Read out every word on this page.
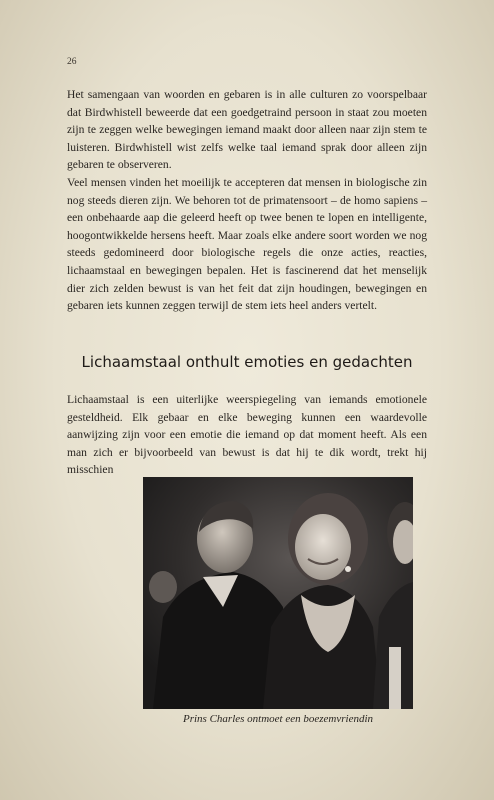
26
Het samengaan van woorden en gebaren is in alle culturen zo voorspelbaar dat Birdwhistell beweerde dat een goedgetraind persoon in staat zou moeten zijn te zeggen welke bewegingen iemand maakt door alleen naar zijn stem te luisteren. Birdwhistell wist zelfs welke taal iemand sprak door alleen zijn gebaren te observeren.
Veel mensen vinden het moeilijk te accepteren dat mensen in biologische zin nog steeds dieren zijn. We behoren tot de primatensoort – de homo sapiens – een onbehaarde aap die geleerd heeft op twee benen te lopen en intelligente, hoogontwikkelde hersens heeft. Maar zoals elke andere soort worden we nog steeds gedomineerd door biologische regels die onze acties, reacties, lichaamstaal en bewegingen bepalen. Het is fascinerend dat het menselijk dier zich zelden bewust is van het feit dat zijn houdingen, bewegingen en gebaren iets kunnen zeggen terwijl de stem iets heel anders vertelt.
Lichaamstaal onthult emoties en gedachten
Lichaamstaal is een uiterlijke weerspiegeling van iemands emotionele gesteldheid. Elk gebaar en elke beweging kunnen een waardevolle aanwijzing zijn voor een emotie die iemand op dat moment heeft. Als een man zich er bijvoorbeeld van bewust is dat hij te dik wordt, trekt hij misschien
Prins Charles ontmoet een boezemvriendin
